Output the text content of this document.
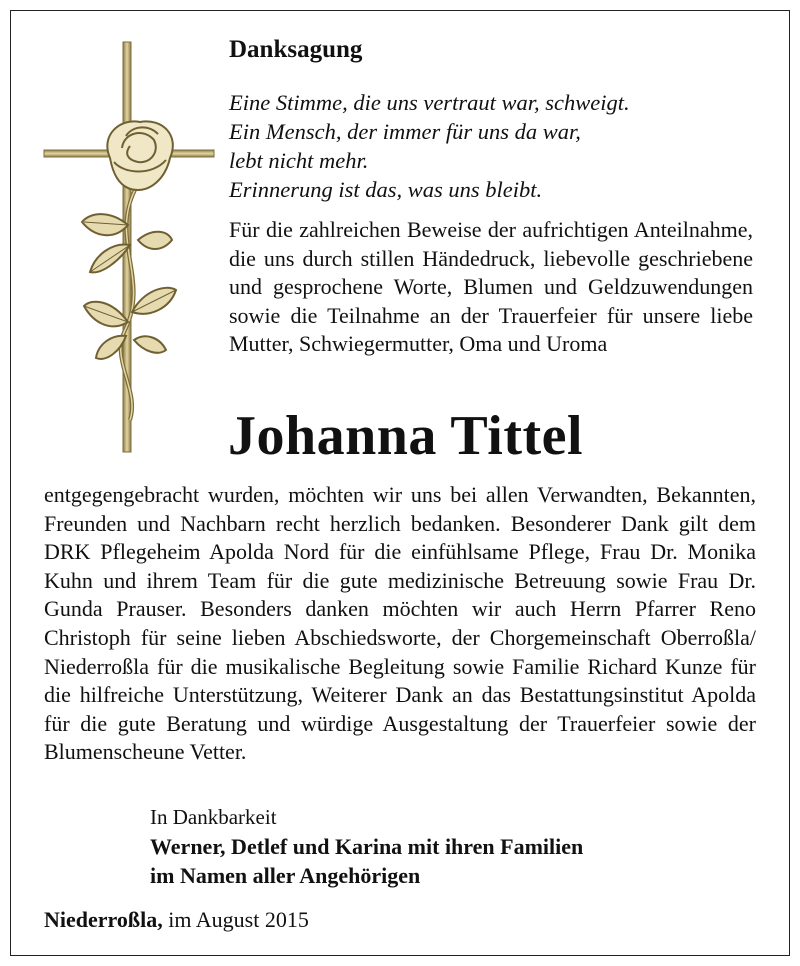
Danksagung
Eine Stimme, die uns vertraut war, schweigt.
Ein Mensch, der immer für uns da war,
lebt nicht mehr.
Erinnerung ist das, was uns bleibt.
Für die zahlreichen Beweise der aufrichtigen Anteilnahme, die uns durch stillen Händedruck, liebevolle geschriebene und gesprochene Worte, Blumen und Geldzuwendungen sowie die Teilnahme an der Trauerfeier für unsere liebe Mutter, Schwiegermutter, Oma und Uroma
Johanna Tittel
entgegengebracht wurden, möchten wir uns bei allen Verwandten, Bekannten, Freunden und Nachbarn recht herzlich bedanken. Besonderer Dank gilt dem DRK Pflegeheim Apolda Nord für die einfühlsame Pflege, Frau Dr. Monika Kuhn und ihrem Team für die gute medizinische Betreuung sowie Frau Dr. Gunda Prauser. Besonders danken möchten wir auch Herrn Pfarrer Reno Christoph für seine lieben Abschiedsworte, der Chorgemeinschaft Oberroßla/ Niederroßla für die musikalische Begleitung sowie Familie Richard Kunze für die hilfreiche Unterstützung, Weiterer Dank an das Bestattungsinstitut Apolda für die gute Beratung und würdige Ausgestaltung der Trauerfeier sowie der Blumenscheune Vetter.
In Dankbarkeit
Werner, Detlef und Karina mit ihren Familien
im Namen aller Angehörigen
Niederroßla, im August 2015
